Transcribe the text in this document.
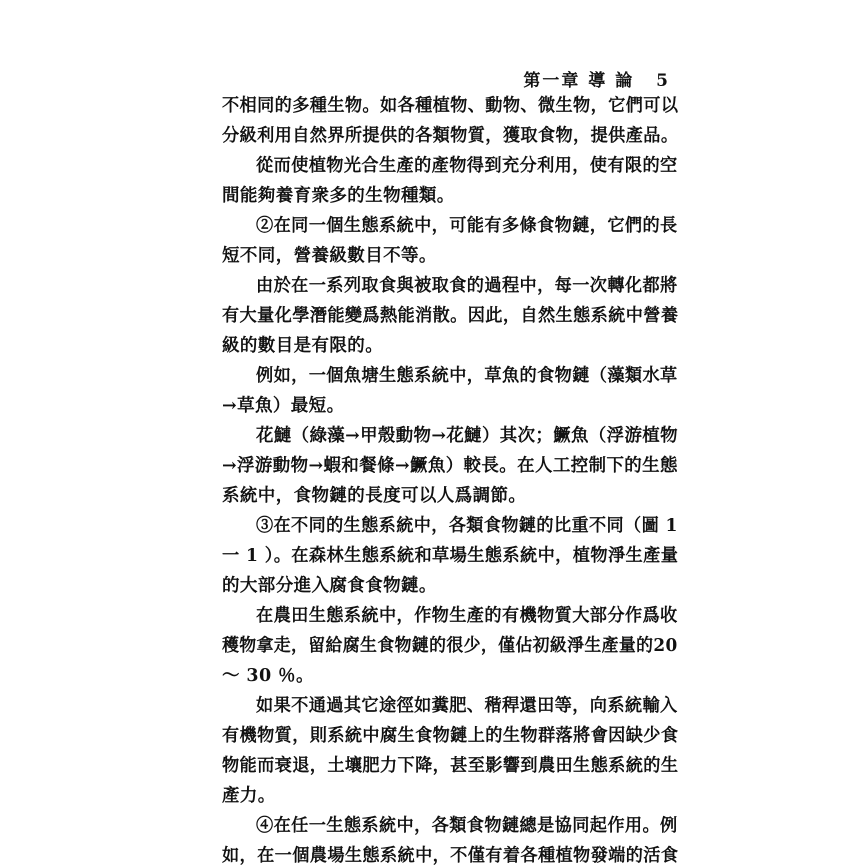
第一章 導 論 5
不相同的多種生物。如各種植物、動物、微生物，它們可以
分級利用自然界所提供的各類物質，獲取食物，提供產品。
從而使植物光合生產的產物得到充分利用，使有限的空
間能夠養育衆多的生物種類。
②在同一個生態系統中，可能有多條食物鏈，它們的長
短不同，營養級數目不等。
由於在一系列取食與被取食的過程中，每一次轉化都將
有大量化學潛能變爲熱能消散。因此，自然生態系統中營養
級的數目是有限的。
例如，一個魚塘生態系統中，草魚的食物鏈（藻類水草
→草魚）最短。
花鰱（綠藻→甲殼動物→花鰱）其次；鱖魚（浮游植物
→浮游動物→蝦和餐條→鱖魚）較長。在人工控制下的生態
系統中，食物鏈的長度可以人爲調節。
③在不同的生態系統中，各類食物鏈的比重不同（圖 1
一 1 ）。在森林生態系統和草場生態系統中，植物淨生產量
的大部分進入腐食食物鏈。
在農田生態系統中，作物生產的有機物質大部分作爲收
穫物拿走，留給腐生食物鏈的很少，僅佔初級淨生產量的20
～ 30 ％。
如果不通過其它途徑如糞肥、稭稈還田等，向系統輸入
有機物質，則系統中腐生食物鏈上的生物群落將會因缺少食
物能而衰退，土壤肥力下降，甚至影響到農田生態系統的生
產力。
④在任一生態系統中，各類食物鏈總是協同起作用。例
如，在一個農場生態系統中，不僅有着各種植物發端的活食
